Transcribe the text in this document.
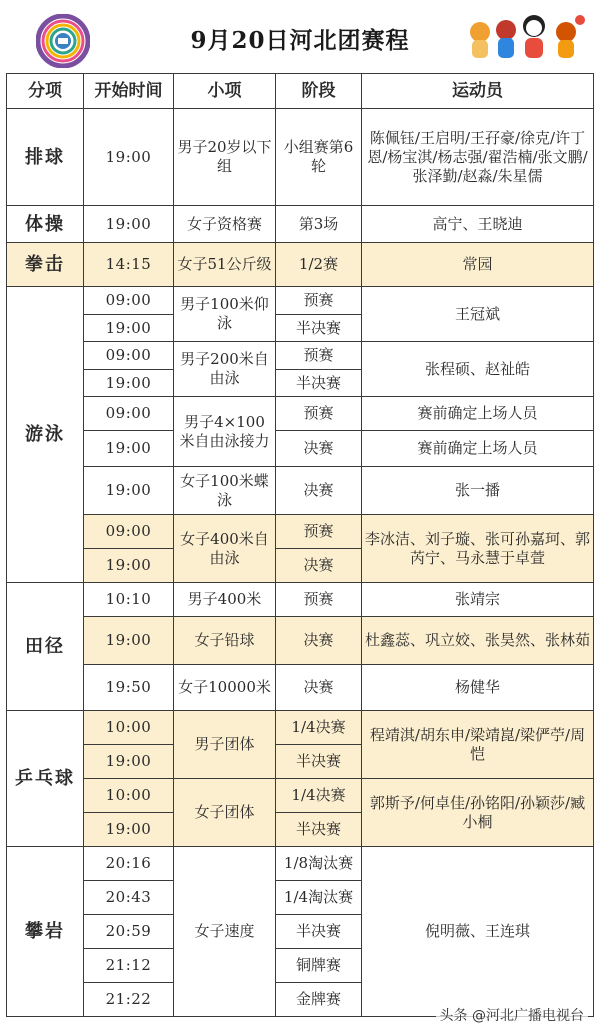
9月20日河北团赛程
分项	开始时间	小项	阶段	运动员
排球	19:00	男子20岁以下组	小组赛第6轮	陈佩钰/王启明/王孖豪/徐克/许丁恩/杨宝淇/杨志强/翟浩楠/张文鹏/张泽勤/赵淼/朱星儒
体操	19:00	女子资格赛	第3场	高宁、王晓迪
拳击	14:15	女子51公斤级	1/2赛	常园
游泳	09:00	男子100米仰泳	预赛	王冠斌
	19:00		半决赛	
	09:00	男子200米自由泳	预赛	张程硕、赵祉皓
	19:00		半决赛	
	09:00	男子4×100米自由泳接力	预赛	赛前确定上场人员
	19:00		决赛	赛前确定上场人员
	19:00	女子100米蝶泳	决赛	张一播
	09:00	女子400米自由泳	预赛	李冰洁、刘子璇、张可孙嘉珂、郭芮宁、马永慧于卓萱
	19:00		决赛	
田径	10:10	男子400米	预赛	张靖宗
	19:00	女子铅球	决赛	杜鑫蕊、巩立姣、张昊然、张林茹
	19:50	女子10000米	决赛	杨健华
乒乓球	10:00	男子团体	1/4决赛	程靖淇/胡东申/梁靖崑/梁俨苧/周恺
	19:00		半决赛	
	10:00	女子团体	1/4决赛	郭斯予/何卓佳/孙铭阳/孙颖莎/臧小桐
	19:00		半决赛	
攀岩	20:16	女子速度	1/8淘汰赛	倪明薇、王连琪
	20:43		1/4淘汰赛	
	20:59		半决赛	
	21:12		铜牌赛	
	21:22		金牌赛	
头条 @河北广播电视台
